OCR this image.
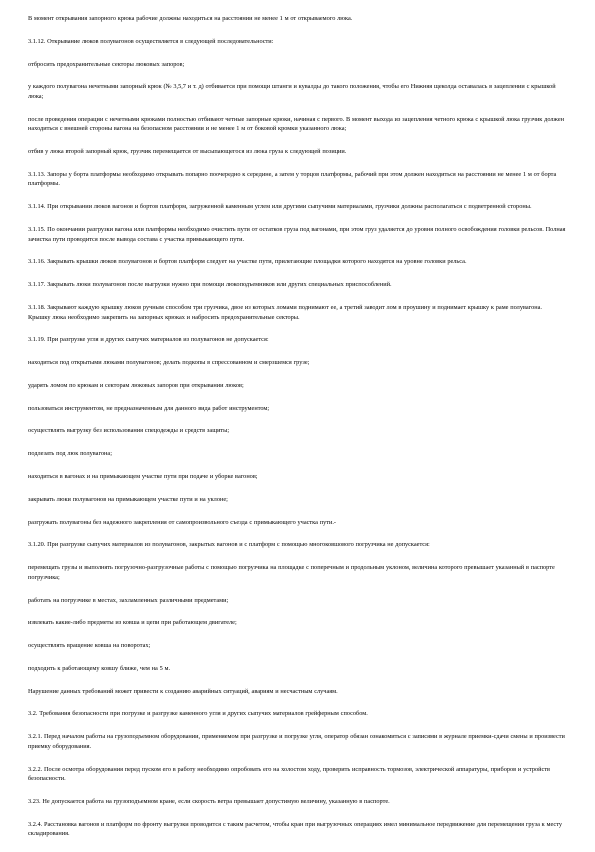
В момент открывания запорного крюка рабочие должны находиться на расстоянии не менее 1 м от открываемого люка.

3.1.12. Открывание люков полувагонов осуществляется в следующей последовательности:

отбросить предохранительные секторы люковых запоров;

у каждого полувагона нечетными запорный крюк (№ 3,5,7 и т. д) отбивается при помощи штанги и кувалды до такого положения, чтобы его Нижняя щеколда оставалась в зацеплении с крышкой люка;

после проведения операции с нечетными крюками полностью отбивают четные запорные крюки, начиная с первого. В момент выхода из зацепления четного крюка с крышкой люка грузчик должен находиться с внешней стороны вагона на безопасном расстоянии и не менее 1 м от боковой кромки указанного люка;

отбив у люка второй запорный крюк, грузчик перемещается от высыпающегося из люка груза к следующей позиции.

3.1.13. Запоры у борта платформы необходимо открывать попарно поочередно к середине, а затем у торцов платформы, рабочий при этом должен находиться на расстоянии не менее 1 м от борта платформы.

3.1.14. При открывании люков вагонов и бортов платформ, загруженной каменным углем или другими сыпучими материалами, грузчики должны располагаться с подветренной стороны.

3.1.15. По окончании разгрузки вагона или платформы необходимо очистить пути от остатков груза под вагонами, при этом груз удаляется до уровня полного освобождения головки рельсов. Полная зачистка пути проводится после вывода состава с участка примыкающего пути.

3.1.16. Закрывать крышки люков полувагонов и бортов платформ следует на участке пути, прилегающие площадки которого находятся на уровне головки рельса.

3.1.17. Закрывать люки полувагонов после выгрузки нужно при помощи люкоподъемников или других специальных приспособлений.

3.1.18. Закрывают каждую крышку люков ручным способом три грузчика, двое из которых ломами поднимают ее, а третий заводит лом в проушину и поднимает крышку к раме полувагона. Крышку люка необходимо закрепить на запорных крюках и набросить предохранительные секторы.

3.1.19. При разгрузке угля и других сыпучих материалов из полувагонов не допускается:

находиться под открытыми люками полувагонов; делать подкопы в спрессованном и смерзшемся грузе;

ударять ломом по крюкам и секторам люковых запоров при открывании люков;

пользоваться инструментом, не предназначенным для данного вида работ инструментом;

осуществлять выгрузку без использования спецодежды и средств защиты;

подлезать под люк полувагона;

находиться в вагонах и на примыкающем участке пути при подаче и уборке вагонов;

закрывать люки полувагонов на примыкающем участке пути и на уклоне;

разгружать полувагоны без надежного закрепления от самопроизвольного съезда с примыкающего участка пути.-

3.1.20. При разгрузке сыпучих материалов из полувагонов, закрытых вагонов и с платформ с помощью многоковшового погрузчика не допускается:

перемещать грузы и выполнять погрузочно-разгрузочные работы с помощью погрузчика на площадке с поперечным и продольным уклоном, величина которого превышает указанный в паспорте погрузчика;

работать на погрузчике в местах, захламленных различными предметами;

извлекать какие-либо предметы из ковша и цепи при работающем двигателе;

осуществлять вращение ковша на поворотах;

подходить к работающему ковшу ближе, чем на 5 м.

Нарушение данных требований может привести к созданию аварийных ситуаций, авариям и несчастным случаям.

3.2. Требования безопасности при погрузке и разгрузке каменного угля и других сыпучих материалов грейферным способом.

3.2.1. Перед началом работы на грузоподъемном оборудовании, применяемом при разгрузке и погрузке угля, оператор обязан ознакомиться с записями в журнале приемки-сдачи смены и произвести приемку оборудования.

3.2.2. После осмотра оборудования перед пуском его в работу необходимо опробовать его на холостом ходу, проверить исправность тормозов, электрической аппаратуры, приборов и устройств безопасности.

3.23. Не допускается работа на грузоподъемном кране, если скорость ветра превышает допустимую величину, указанную в паспорте.

3.2.4. Расстановка вагонов и платформ по фронту выгрузки проводится с таким расчетом, чтобы кран при выгрузочных операциях имел минимальное передвижение для перемещения груза к месту складирования.
